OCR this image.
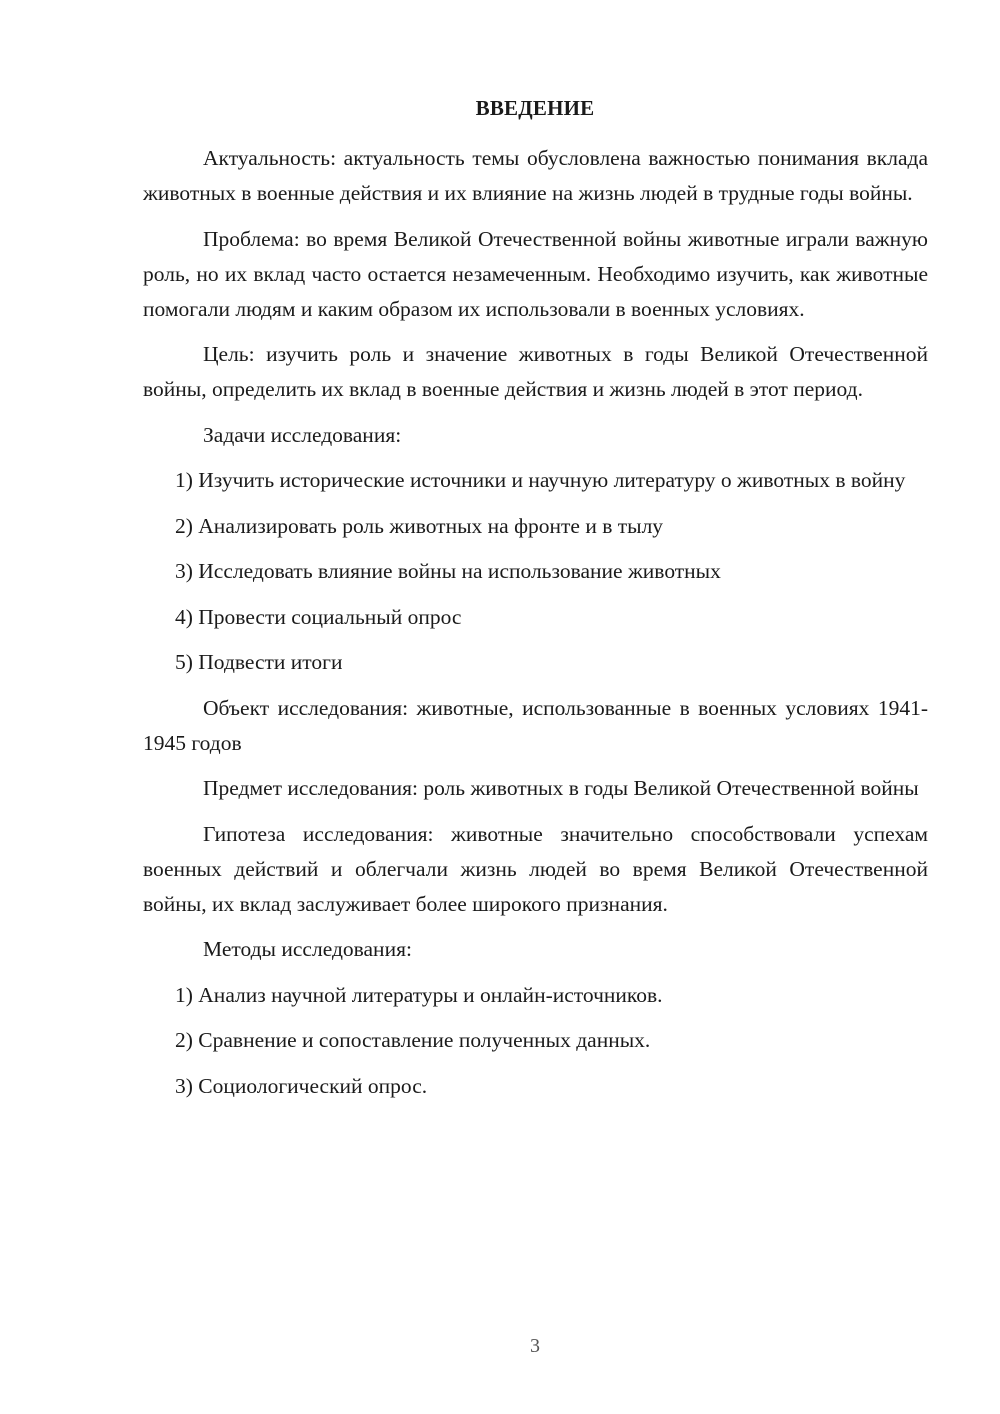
ВВЕДЕНИЕ

Актуальность: актуальность темы обусловлена важностью понимания вклада животных в военные действия и их влияние на жизнь людей в трудные годы войны.

Проблема: во время Великой Отечественной войны животные играли важную роль, но их вклад часто остается незамеченным. Необходимо изучить, как животные помогали людям и каким образом их использовали в военных условиях.

Цель: изучить роль и значение животных в годы Великой Отечественной войны, определить их вклад в военные действия и жизнь людей в этот период.

Задачи исследования:

1) Изучить исторические источники и научную литературу о животных в войну

2) Анализировать роль животных на фронте и в тылу

3) Исследовать влияние войны на использование животных

4) Провести социальный опрос

5) Подвести итоги

Объект исследования: животные, использованные в военных условиях 1941-1945 годов

Предмет исследования: роль животных в годы Великой Отечественной войны

Гипотеза исследования: животные значительно способствовали успехам военных действий и облегчали жизнь людей во время Великой Отечественной войны, их вклад заслуживает более широкого признания.

Методы исследования:

1) Анализ научной литературы и онлайн-источников.

2) Сравнение и сопоставление полученных данных.

3) Социологический опрос.

3
